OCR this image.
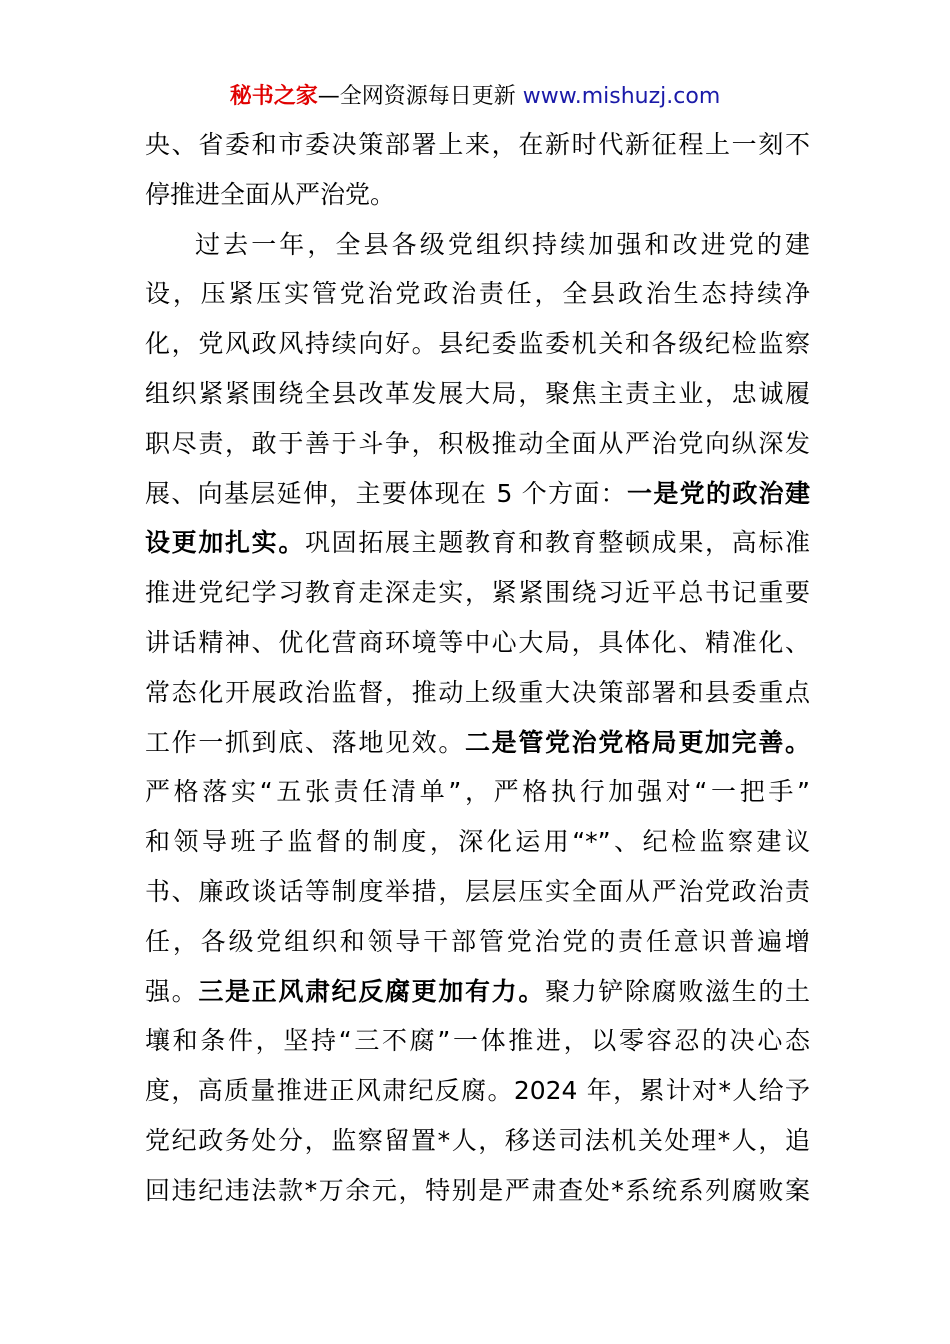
秘书之家—全网资源每日更新 www.mishuzj.com
央、省委和市委决策部署上来，在新时代新征程上一刻不
停推进全面从严治党。
过去一年，全县各级党组织持续加强和改进党的建
设，压紧压实管党治党政治责任，全县政治生态持续净
化，党风政风持续向好。县纪委监委机关和各级纪检监察
组织紧紧围绕全县改革发展大局，聚焦主责主业，忠诚履
职尽责，敢于善于斗争，积极推动全面从严治党向纵深发
展、向基层延伸，主要体现在 5 个方面：一是党的政治建
设更加扎实。巩固拓展主题教育和教育整顿成果，高标准
推进党纪学习教育走深走实，紧紧围绕习近平总书记重要
讲话精神、优化营商环境等中心大局，具体化、精准化、
常态化开展政治监督，推动上级重大决策部署和县委重点
工作一抓到底、落地见效。二是管党治党格局更加完善。
严格落实“五张责任清单”，严格执行加强对“一把手”
和领导班子监督的制度，深化运用“*”、纪检监察建议
书、廉政谈话等制度举措，层层压实全面从严治党政治责
任，各级党组织和领导干部管党治党的责任意识普遍增
强。三是正风肃纪反腐更加有力。聚力铲除腐败滋生的土
壤和条件，坚持“三不腐”一体推进，以零容忍的决心态
度，高质量推进正风肃纪反腐。2024 年，累计对*人给予
党纪政务处分，监察留置*人，移送司法机关处理*人，追
回违纪违法款*万余元，特别是严肃查处*系统系列腐败案
